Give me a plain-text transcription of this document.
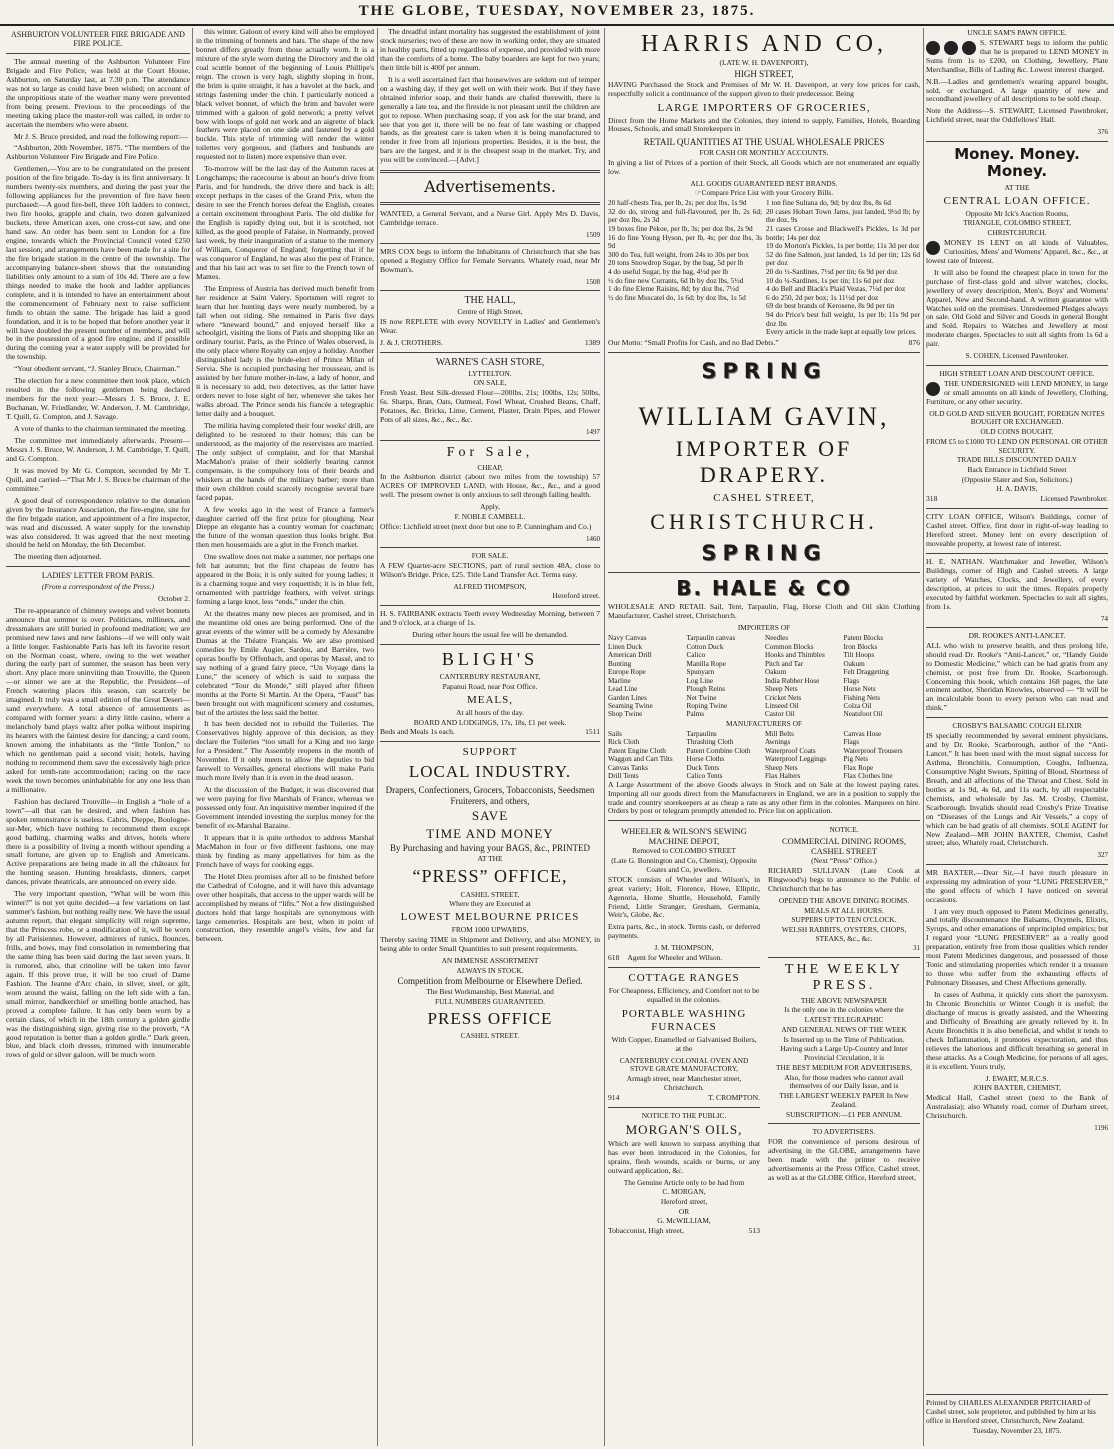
THE GLOBE, TUESDAY, NOVEMBER 23, 1875.
ASHBURTON VOLUNTEER FIRE BRIGADE AND FIRE POLICE.

The annual meeting of the Ashburton Volunteer Fire Brigade and Fire Police, was held at the Court House, Ashburton, on Saturday last, at 7.30 p.m. The attendance was not so large as could have been wished; on account of the unpropitious state of the weather many were prevented from being present. Previous to the proceedings of the meeting taking place the master-roll was called, in order to ascertain the members who were absent.

Mr J. S. Bruce presided, and read the following report:—

“Ashburton, 20th November, 1875. “The members of the Ashburton Volunteer Fire Brigade and Fire Police.

Gentlemen,—You are to be congratulated on the present position of the fire brigade. To-day is its first anniversary. It numbers twenty-six members, and during the past year the following appliances for the prevention of fire have been purchased:—A good fire-bell, three 10ft ladders to connect, two fire hooks, grapple and chain, two dozen galvanized buckets, three American axes, one cross-cut saw, and one hand saw. An order has been sent to London for a fire engine, towards which the Provincial Council voted £250 last session; and arrangements have been made for a site for the fire brigade station in the centre of the township. The accompanying balance-sheet shows that the outstanding liabilities only amount to a sum of 10s 4d. There are a few things needed to make the hook and ladder appliances complete, and it is intended to have an entertainment about the commencement of February next to raise sufficient funds to obtain the same. The brigade has laid a good foundation, and it is to be hoped that before another year it will have doubled the present number of members, and will be in the possession of a good fire engine, and if possible during the coming year a water supply will be provided for the township.

“Your obedient servant, “J. Stanley Bruce, Chairman.”

The election for a new committee then took place, which resulted in the following gentlemen being declared members for the next year:—Messrs J. S. Bruce, J. E. Buchanan, W. Friedlander, W. Anderson, J. M. Cambridge, T. Quill, G. Compton, and J. Savage.

A vote of thanks to the chairman terminated the meeting.

The committee met immediately afterwards. Present—Messrs J. S. Bruce, W. Anderson, J. M. Cambridge, T. Quill, and G. Compton.

It was moved by Mr G. Compton, seconded by Mr T. Quill, and carried—“That Mr J. S. Bruce be chairman of the committee.”

A good deal of correspondence relative to the donation given by the Insurance Association, the fire-engine, site for the fire brigade station, and appointment of a fire inspector, was read and discussed. A water supply for the township was also considered. It was agreed that the next meeting should be held on Monday, the 6th December.

The meeting then adjourned.

LADIES' LETTER FROM PARIS.

(From a correspondent of the Press.)

October 2.

The re-appearance of chimney sweeps and velvet bonnets announce that summer is over. Politicians, milliners, and dressmakers are still buried in profound meditation; we are promised new laws and new fashions—if we will only wait a little longer. Fashionable Paris has left its favorite resort on the Norman coast, where, owing to the wet weather during the early part of summer, the season has been very short. Any place more uninviting than Trouville, the Queen—or sinner we are at the Republic, the President—of French watering places this season, can scarcely be imagined. It truly was a small edition of the Great Desert—sand everywhere. A total absence of amusements as compared with former years: a dirty little casino, where a melancholy band plays waltz after polka without inspiring its hearers with the faintest desire for dancing; a card room, known among the inhabitants as the “little Tonlon,” to which no gentleman paid a second visit; hotels, having nothing to recommend them save the excessively high price asked for tenth-rate accommodation; racing on the race week the town becomes uninhabitable for any one less than a millionaire.

Fashion has declared Trouville—in English a “hole of a town”—all that can be desired, and when fashion has spoken remonstrance is useless. Cabris, Dieppe, Boulogne-sur-Mer, which have nothing to recommend them except good bathing, charming walks and drives, hotels where there is a possibility of living a month without spending a small fortune, are given up to English and Americans. Active preparations are being made in all the châteaux for the hunting season. Hunting breakfasts, dinners, carpet dances, private theatricals, are announced on every side.

The very important question, “What will be worn this winter?” is not yet quite decided—a few variations on last summer's fashion, but nothing really new. We have the usual autumn report, that elegant simplicity will reign supreme, that the Princess robe, or a modification of it, will be worn by all Parisiennes. However, admirers of tunics, flounces, frills, and bows, may find consolation in remembering that the same thing has been said during the last seven years. It is rumored, also, that crinoline will be taken into favor again. If this prove true, it will be too cruel of Dame Fashion. The Jeanne d'Arc chain, in silver, steel, or gilt, worn around the waist, falling on the left side with a fan, small mirror, handkerchief or smelling bottle attached, has proved a complete failure. It has only been worn by a certain class, of which in the 18th century a golden girdle was the distinguishing sign, giving rise to the proverb, “A good reputation is better than a golden girdle.” Dark green, blue, and black cloth dresses, trimmed with innumerable rows of gold or silver galoon, will be much worn

this winter. Galoon of every kind will also be employed in the trimming of bonnets and hats. The shape of the new bonnet differs greatly from those actually worn. It is a mixture of the style worn during the Directory and the old coal scuttle bonnet of the beginning of Louis Phillipe's reign. The crown is very high, slightly sloping in front, the brim is quite straight, it has a bavolet at the back, and strings fastening under the chin. I particularly noticed a black velvet bonnet, of which the brim and bavolet were trimmed with a galoon of gold network; a pretty velvet bow with loops of gold net work and an aigrette of black feathers were placed on one side and fastened by a gold buckle. This style of trimming will render the winter toilettes very gorgeous, and (fathers and husbands are requested not to listen) more expensive than ever.

To-morrow will be the last day of the Autumn races at Longchamps; the racecourse is about an hour's drive from Paris, and for hundreds, the drive there and back is all; except perhaps in the cases of the Grand Prix, when the desire to see the French horses defeat the English, creates a certain excitement throughout Paris. The old dislike for the English is rapidly dying out, but it is scotched, not killed, as the good people of Falaise, in Normandy, proved last week, by their inauguration of a statue to the memory of William, Conqueror of England; forgetting that if he was conqueror of England, he was also the pest of France, and that his last act was to set fire to the French town of Mantes.

The Empress of Austria has derived much benefit from her residence at Saint Valery. Sportsmen will regret to learn that her hunting days were nearly numbered, by a fall when out riding. She remained in Paris five days where “kneward bound,” and enjoyed herself like a schoolgirl, visiting the lions of Paris and shopping like an ordinary tourist. Paris, as the Prince of Wales observed, is the only place where Royalty can enjoy a holiday. Another distinguished lady is the bride-elect of Prince Milan of Servia. She is occupied purchasing her trousseau, and is assisted by her future mother-in-law, a lady of honor, and it is necessary to add, two detectives, as the latter have orders never to lose sight of her, whenever she takes her walks abroad. The Prince sends his fiancée a telegraphic letter daily and a bouquet.

The militia having completed their four weeks' drill, are delighted to be restored to their homes; this can be understood, as the majority of the reservistes are married. The only subject of complaint, and for that Marshal MacMahon's praise of their soldierly bearing cannot compensate, is the compulsory loss of their beards and whiskers at the hands of the military barber; more than their own children could scarcely recognise several bare faced papas.

A few weeks ago in the west of France a farmer's daughter carried off the first prize for ploughing. Near Dieppe an elegante has a country woman for coachman; the future of the woman question thus looks bright. But then men housemaids are a glut in the French market.

One swallow does not make a summer, nor perhaps one felt hat autumn; but the first chapeau de feutre has appeared in the Bois; it is only suited for young ladies; it is a charming toque and very coquettish; it is in blue felt, ornamented with partridge feathers, with velvet strings forming a large knot, less “ends,” under the chin.

At the theatres many new pieces are promised, and in the meantime old ones are being performed. One of the great events of the winter will be a comedy by Alexandre Dumas at the Théatre Français. We are also promised comedies by Emile Augier, Sardou, and Barrière, two operas bouffe by Offenbach, and operas by Massé, and to say nothing of a grand fairy piece, “Un Voyage dans la Lune,” the scenery of which is said to surpass the celebrated “Tour du Monde,” still played after fifteen months at the Porte St Martin. At the Opera, “Faust” has been brought out with magnificent scenery and costumes, but of the artistes the less said the better.

It has been decided not to rebuild the Tuileries. The Conservatives highly approve of this decision, as they declare the Tuileries “too small for a King and too large for a President.” The Assembly reopens in the month of November. If it only meets to allow the deputies to bid farewell to Versailles, general elections will make Paris much more lively than it is even in the dead season.

At the discussion of the Budget, it was discovered that we were paying for five Marshals of France, whereas we possessed only four. An inquisitive member inquired if the Government intended investing the surplus money for the benefit of ex-Marshal Bazaine.

It appears that it is quite orthodox to address Marshal MacMahon in four or five different fashions, one may think by finding as many appellatives for him as the French have of ways for cooking eggs.

The Hotel Dieu promises after all to be finished before the Cathedral of Cologne, and it will have this advantage over other hospitals, that access to the upper wards will be accomplished by means of “lifts.” Not a few distinguished doctors hold that large hospitals are synonymous with large cemeteries. Hospitals are best, when in point of construction, they resemble angel's visits, few and far between.

The dreadful infant mortality has suggested the establishment of joint stock nurseries; two of these are now in working order, they are situated in healthy parts, fitted up regardless of expense, and provided with more than the comforts of a home. The baby boarders are kept for two years; their little bill is 400f per annum.

It is a well ascertained fact that housewives are seldom out of temper on a washing day, if they get well on with their work. But if they have obtained inferior soap, and their hands are chafed therewith, there is generally a late tea, and the fireside is not pleasant until the children are got to repose. When purchasing soap, if you ask for the star brand, and see that you get it, there will be no fear of late washing or chapped hands, as the greatest care is taken when it is being manufactured to render it free from all injurious properties. Besides, it is the best, the bars are the largest, and it is the cheapest soap in the market. Try, and you will be convinced.—[Advt.]

Advertisements.

WANTED, a General Servant, and a Nurse Girl. Apply Mrs D. Davis, Cambridge terrace.

1509

MRS COX begs to inform the Inhabitants of Christchurch that she has opened a Registry Office for Female Servants. Whately road, near Mr Bowman's.

1508
THE HALL,
Centre of High Street,

IS now REPLETE with every NOVELTY in Ladies' and Gentlemen's Wear.

J. & J. CROTHERS.	1389
WARNE'S CASH STORE,
LYTTELTON.
ON SALE,

Fresh Yeast. Best Silk-dressed Flour—200lbs, 21s; 100lbs, 12s; 50lbs, 6s. Sharps, Bran, Oats, Oatmeal, Fowl Wheat, Crushed Beans, Chaff, Potatoes, &c. Bricks, Lime, Cement, Plaster, Drain Pipes, and Flower Pots of all sizes, &c., &c., &c.

1497
For Sale,
CHEAP,

In the Ashburton district (about two miles from the township) 57 ACRES OF IMPROVED LAND, with House, &c., &c., and a good well. The present owner is only anxious to sell through failing health.

Apply,
F. NOBLE CAMBELL.

Office: Lichfield street (next door but one to P. Cunningham and Co.)

1460
FOR SALE.

A FEW Quarter-acre SECTIONS, part of rural section 48A, close to Wilson's Bridge. Price, £25. Title Land Transfer Act. Terms easy.

ALFRED THOMPSON,
Hereford street.

H. S. FAIRBANK extracts Teeth every Wednesday Morning, between 7 and 9 o'clock, at a charge of 1s.

During other hours the usual fee will be demanded.

BLIGH'S
CANTERBURY RESTAURANT,
Papanui Road, near Post Office.
MEALS,
At all hours of the day.
BOARD AND LODGINGS, 17s, 18s, £1 per week.
Beds and Meals 1s each.	1511
SUPPORT
LOCAL INDUSTRY.
Drapers, Confectioners, Grocers, Tobacconists, Seedsmen Fruiterers, and others,
SAVE
TIME AND MONEY
By Purchasing and having your BAGS, &c., PRINTED
AT THE
“PRESS” OFFICE,
CASHEL STREET,
Where they are Executed at
LOWEST MELBOURNE PRICES
FROM 1000 UPWARDS,

Thereby saving TIME in Shipment and Delivery, and also MONEY, in being able to order Small Quantities to suit present requirements.

AN IMMENSE ASSORTMENT
ALWAYS IN STOCK.
Competition from Melbourne or Elsewhere Defied.
The Best Workmanship, Best Material, and
FULL NUMBERS GUARANTEED.
PRESS OFFICE
CASHEL STREET.
HARRIS AND CO,
(LATE W. H. DAVENPORT),
HIGH STREET,

HAVING Purchased the Stock and Premises of Mr W. H. Davenport, at very low prices for cash, respectfully solicit a continuance of the support given to their predecessor. Being

LARGE IMPORTERS OF GROCERIES,

Direct from the Home Markets and the Colonies, they intend to supply, Families, Hotels, Boarding Houses, Schools, and small Storekeepers in

RETAIL QUANTITIES AT THE USUAL WHOLESALE PRICES
FOR CASH OR MONTHLY ACCOUNTS.

In giving a list of Prices of a portion of their Stock, all Goods which are not enumerated are equally low.

ALL GOODS GUARANTEED BEST BRANDS.
☞Compare Price List with your Grocery Bills.
20 half-chests Tea, per lb, 2s; per doz lbs, 1s 9d
32 do do, strong and full-flavoured, per lb, 2s 6d; per doz lbs, 2s 3d
19 boxes fine Pekoe, per lb, 3s; per doz lbs, 2s 9d
16 do fine Young Hyson, per lb, 4s; per doz lbs, 3s 9d
300 do Tea, full weight, from 24s to 30s per box
20 tons Snowdrop Sugar, by the bag, 5d per lb
4 do useful Sugar, by the bag, 4½d per lb
½ do fine new Currants, 6d lb by doz lbs, 5½d
1 do fine Eleme Raisins, 8d; by doz lbs, 7½d
½ do fine Muscatel do, 1s 6d; by doz lbs, 1s 5d
1 ton fine Sultana do, 9d; by doz lbs, 8s 6d
20 cases Hobart Town Jams, just landed, 9½d lb; by the doz, 9s
21 cases Crosse and Blackwell's Pickles, 1s 3d per bottle; 14s per doz
19 do Morton's Pickles, 1s per bottle; 11s 3d per doz
52 do fine Salmon, just landed, 1s 1d per tin; 12s 6d per doz
20 do ½-Sardines, 7½d per tin; 6s 9d per doz
10 do ¼-Sardines, 1s per tin; 11s 6d per doz
4 do Bell and Black's Plaid Vestas, 7½d per doz
6 do 250, 2d per box; 1s 11½d per doz
69 do best brands of Kerosene, 8s 9d per tin
94 do Price's best full weight, 1s per lb; 11s 9d per doz lbs
Every article in the trade kept at equally low prices.
Our Motto: “Small Profits for Cash, and no Bad Debts.”	876
SPRING
WILLIAM GAVIN,
IMPORTER OF DRAPERY.
CASHEL STREET,
CHRISTCHURCH.
SPRING
B. HALE & CO

WHOLESALE AND RETAIL Sail, Tent, Tarpaulin, Flag, Horse Cloth and Oil skin Clothing Manufacturer, Cashel street, Christchurch.

IMPORTERS OF
Navy Canvas
Linen Duck
American Drill
Bunting
Europe Rope
Marline
Lead Line
Garden Lines
Seaming Twine
Shop Twine
Tarpaulin canvas
Cotton Duck
Calico
Manilla Rope
Spunyarn
Log Line
Plough Reins
Net Twine
Roping Twine
Palms
Needles
Common Blocks
Hooks and Thimbles
Pitch and Tar
Oakum
India Rubber Hose
Sheep Nets
Cricket Nets
Linseed Oil
Castor Oil
Patent Blocks
Iron Blocks
Tilt Hoops
Oakum
Felt Draggeting
Flags
Horse Nets
Fishing Nets
Colza Oil
Neatsfoot Oil
MANUFACTURERS OF
Sails
Rick Cloth
Patent Engine Cloth
Waggon and Cart Tilts
Canvas Tanks
Drill Tents
Tarpaulins
Thrashing Cloth
Patent Combine Cloth
Horse Cloths
Duck Tents
Calico Tents
Mill Belts
Awnings
Waterproof Coats
Waterproof Leggings
Sheep Nets
Flax Halters
Canvas Hose
Flags
Waterproof Trousers
Pig Nets
Flax Rope
Flax Clothes line

A Large Assortment of the above Goods always in Stock and on Sale at the lowest paying rates. Importing all our goods direct from the Manufacturers in England, we are in a position to supply the trade and country storekeepers at as cheap a rate as any other firm in the colonies. Marquees on hire. Orders by post or telegram promptly attended to. Price list on application.

WHEELER & WILSON'S SEWING MACHINE DEPOT,
Removed to COLOMBO STREET
(Late G. Bonnington and Co, Chemist), Opposite Coates and Co, jewellers.

STOCK consists of Wheeler and Wilson's, in great variety; Holt, Florence, Howe, Elliptic, Agenoria, Home Shuttle, Household, Family Friend, Little Stranger, Gresham, Germania, Weir's, Globe, &c.

Extra parts, &c., in stock. Terms cash, or deferred payments.

J. M. THOMPSON,
618 Agent for Wheeler and Wilson.
COTTAGE RANGES

For Cheapness, Efficiency, and Comfort not to be equalled in the colonies.

PORTABLE WASHING FURNACES

With Copper, Enamelled or Galvanised Boilers, at the

CANTERBURY COLONIAL OVEN AND STOVE GRATE MANUFACTORY,
Armagh street, near Manchester street, Christchurch.
914	T. CROMPTON.
NOTICE TO THE PUBLIC.
MORGAN'S OILS,

Which are well known to surpass anything that has ever been introduced in the Colonies, for sprains, flesh wounds, scalds or burns, or any outward application, &c.

The Genuine Article only to be had from
C. MORGAN,
Hereford street,
OR
G. McWILLIAM,
Tobacconist, High street,	513
NOTICE.
COMMERCIAL DINING ROOMS, CASHEL STREET
(Next “Press” Office.)

RICHARD SULLIVAN (Late Cook at Ringwood's) begs to announce to the Public of Christchurch that he has

OPENED THE ABOVE DINING ROOMS.
MEALS AT ALL HOURS.
SUPPERS UP TO TEN O'CLOCK.
WELSH RABBITS, OYSTERS, CHOPS, STEAKS, &c., &c.
31
THE WEEKLY PRESS.
THE ABOVE NEWSPAPER
Is the only one in the colonies where the
LATEST TELEGRAPHIC
AND GENERAL NEWS OF THE WEEK
Is Inserted up to the Time of Publication.
Having such a Large Up-Country and Inter Provincial Circulation, it is
THE BEST MEDIUM FOR ADVERTISERS,
Also, for those readers who cannot avail themselves of our Daily Issue, and is
THE LARGEST WEEKLY PAPER In New Zealand.
SUBSCRIPTION:—£1 PER ANNUM.
TO ADVERTISERS.

FOR the convenience of persons desirous of advertising in the GLOBE, arrangements have been made with the printer to receive advertisements at the Press Office, Cashel street, as well as at the GLOBE Office, Hereford street,

UNCLE SAM'S PAWN OFFICE.

S. STEWART begs to inform the public that he is prepared to LEND MONEY in Sums from 1s to £200, on Clothing, Jewellery, Plate Merchandise, Bills of Lading &c. Lowest interest charged.

N.B.—Ladies and gentlemen's wearing apparel bought, sold, or exchanged. A large quantity of new and secondhand jewellery of all descriptions to be sold cheap.

Note the Address—S. STEWART, Licensed Pawnbroker, Lichfield street, near the Oddfellows' Hall.

376
Money. Money. Money.
AT THE
CENTRAL LOAN OFFICE.
Opposite Mr Ick's Auction Rooms,
TRIANGLE, COLOMBO STREET,
CHRISTCHURCH.

MONEY IS LENT on all kinds of Valuables, Curiosities, Mens' and Womens' Apparel, &c., &c., at lowest rate of Interest.

It will also be found the cheapest place in town for the purchase of first-class gold and silver watches, clocks, jewellery of every description, Men's, Boys' and Womens' Apparel, New and Second-hand. A written guarantee with Watches sold on the premises. Unredeemed Pledges always on sale. Old Gold and Silver and Goods in general Bought and Sold. Repairs to Watches and Jewellery at most moderate charges. Spectacles to suit all sights from 1s 6d a pair.

S. COHEN, Licensed Pawnbroker.
HIGH STREET LOAN AND DISCOUNT OFFICE.

THE UNDERSIGNED will LEND MONEY, in large or small amounts on all kinds of Jewellery, Clothing, Furniture, or any other security.

OLD GOLD AND SILVER BOUGHT, FOREIGN NOTES BOUGHT OR EXCHANGED.
OLD COINS BOUGHT.
FROM £5 to £1000 TO LEND ON PERSONAL OR OTHER SECURITY.
TRADE BILLS DISCOUNTED DAILY
Back Entrance in Lichfield Street
(Opposite Slater and Son, Solicitors.)
H. A. DAVIS,
318	Licensed Pawnbroker.

CITY LOAN OFFICE, Wilson's Buildings, corner of Cashel street. Office, first door in right-of-way leading to Hereford street. Money lent on every description of moveable property, at lowest rate of interest.

H. E. NATHAN. Watchmaker and Jeweller, Wilson's Buildings, corner of High and Cashel streets. A large variety of Watches, Clocks, and Jewellery, of every description, at prices to suit the times. Repairs properly executed by faithful workmen. Spectacles to suit all sights, from 1s.

74
DR. ROOKE'S ANTI-LANCET.

ALL who wish to preserve health, and thus prolong life, should read Dr. Rooke's “Anti-Lancet,” or, “Handy Guide to Domestic Medicine,” which can be had gratis from any chemist, or post free from Dr. Rooke, Scarborough. Concerning this book, which contains 168 pages, the late eminent author, Sheridan Knowles, observed — “It will be an incalculable boon to every person who can read and think.”

CROSBY'S BALSAMIC COUGH ELIXIR

IS specially recommended by several eminent physicians, and by Dr. Rooke, Scarborough, author of the “Anti-Lancet.” It has been used with the most signal success for Asthma, Bronchitis, Consumption, Coughs, Influenza, Consumptive Night Sweats, Spitting of Blood, Shortness of Breath, and all affections of the Throat and Chest. Sold in bottles at 1s 9d, 4s 6d, and 11s each, by all respectable chemists, and wholesale by Jas. M. Crosby, Chemist, Scarborough. Invalids should read Crosby's Prize Treatise on “Diseases of the Lungs and Air Vessels,” a copy of which can be had gratis of all chemists. SOLE AGENT for New Zealand—MR JOHN BAXTER, Chemist, Cashel street; also, Whately road, Christchurch.

327

MR BAXTER,—Dear Sir,—I have much pleasure in expressing my admiration of your “LUNG PRESERVER,” the good effects of which I have noticed on several occasions.

I am very much opposed to Patent Medicines generally, and totally discountenance the Balsams, Oxymels, Elixirs, Syrups, and other emanations of unprincipled empirics; but I regard your “LUNG PRESERVER” as a really good preparation, entirely free from those qualities which render most Patent Medicines dangerous, and possessed of those Tonic and stimulating properties which render it a treasure to those who suffer from the exhausting effects of Pulmonary Diseases, and Chest Affections generally.

In cases of Asthma, it quickly cuts short the paroxysm. In Chronic Bronchitis or Winter Cough it is useful; the discharge of mucus is greatly assisted, and the Wheezing and Difficulty of Breathing are greatly relieved by it. In Acute Bronchitis it is also beneficial, and whilst it tends to check Inflammation, it promotes expectoration, and thus relieves the laborious and difficult breathing so general in these attacks. As a Cough Medicine, for persons of all ages, it is excellent. Yours truly,

J. EWART, M.R.C.S.
JOHN BAXTER, CHEMIST,

Medical Hall, Cashel street (next to the Bank of Australasia); also Whately road, corner of Durham street, Christchurch.

1196
Printed by CHARLES ALEXANDER PRITCHARD of Cashel street, sole proprietor, and published by him at his office in Hereford street, Christchurch, New Zealand.
Tuesday, November 23, 1875.
